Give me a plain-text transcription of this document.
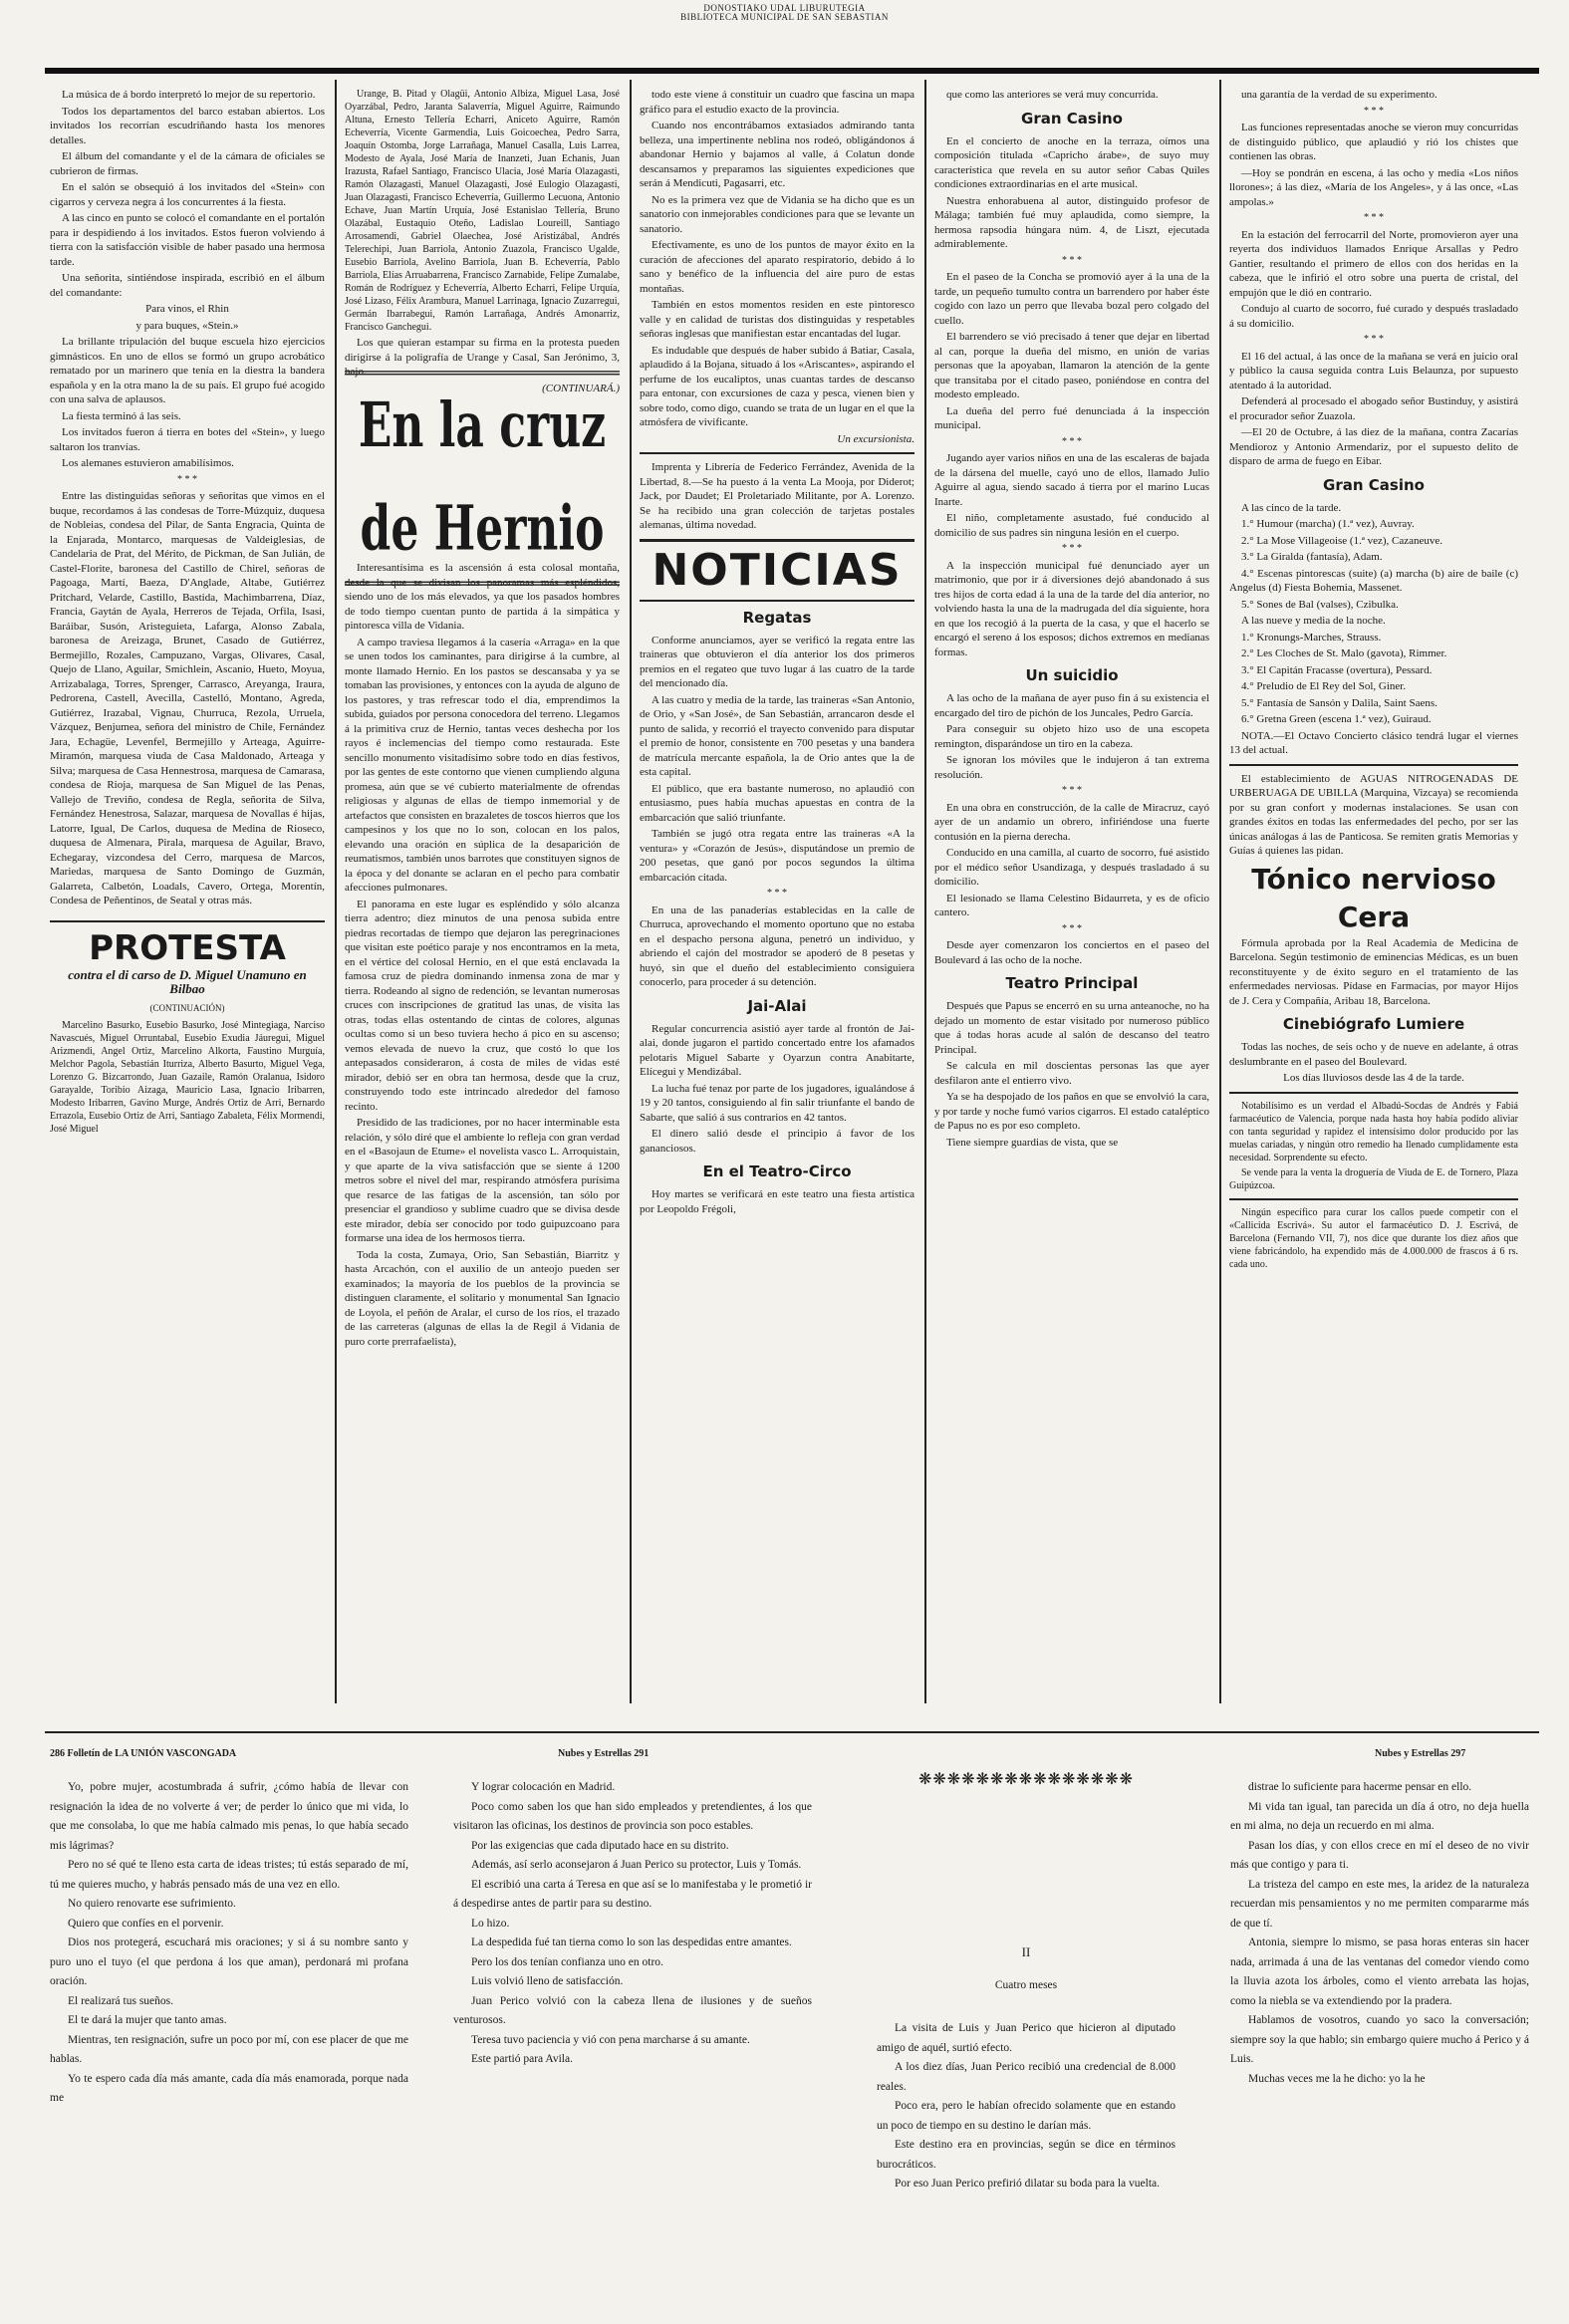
DONOSTIAKO UDAL LIBURUTEGIA
BIBLIOTECA MUNICIPAL DE SAN SEBASTIAN

La música de á bordo interpretó lo mejor de su repertorio.

Todos los departamentos del barco estaban abiertos. Los invitados los recorrían escudriñando hasta los menores detalles.

El álbum del comandante y el de la cámara de oficiales se cubrieron de firmas.

En el salón se obsequió á los invitados del «Stein» con cigarros y cerveza negra á los concurrentes á la fiesta.

A las cinco en punto se colocó el comandante en el portalón para ir despidiendo á los invitados. Estos fueron volviendo á tierra con la satisfacción visible de haber pasado una hermosa tarde.

Una señorita, sintiéndose inspirada, escribió en el álbum del comandante:

Para vinos, el Rhin

y para buques, «Stein.»

La brillante tripulación del buque escuela hizo ejercicios gimnásticos. En uno de ellos se formó un grupo acrobático rematado por un marinero que tenía en la diestra la bandera española y en la otra mano la de su país. El grupo fué acogido con una salva de aplausos.

La fiesta terminó á las seis.

Los invitados fueron á tierra en botes del «Stein», y luego saltaron los tranvías.

Los alemanes estuvieron amabilísimos.

* * *

Entre las distinguidas señoras y señoritas que vimos en el buque, recordamos á las condesas de Torre-Múzquiz, duquesa de Nobleias, condesa del Pilar, de Santa Engracia, Quinta de la Enjarada, Montarco, marquesas de Valdeiglesias, de Candelaria de Prat, del Mérito, de Pickman, de San Julián, de Castel-Florite, baronesa del Castillo de Chirel, señoras de Pagoaga, Martí, Baeza, D'Anglade, Altabe, Gutiérrez Pritchard, Velarde, Castillo, Bastida, Machimbarrena, Díaz, Francia, Gaytán de Ayala, Herreros de Tejada, Orfila, Isasi, Baráibar, Susón, Aristeguieta, Lafarga, Alonso Zabala, baronesa de Areizaga, Brunet, Casado de Gutiérrez, Bermejillo, Rozales, Campuzano, Vargas, Olivares, Casal, Quejo de Llano, Aguilar, Smichlein, Ascanio, Hueto, Moyua, Arrizabalaga, Torres, Sprenger, Carrasco, Areyanga, Iraura, Pedrorena, Castell, Avecilla, Castelló, Montano, Agreda, Gutiérrez, Irazabal, Vignau, Churruca, Rezola, Urruela, Vázquez, Benjumea, señora del ministro de Chile, Fernández Jara, Echagüe, Levenfel, Bermejillo y Arteaga, Aguirre-Miramón, marquesa viuda de Casa Maldonado, Arteaga y Silva; marquesa de Casa Hennestrosa, marquesa de Camarasa, condesa de Rioja, marquesa de San Miguel de las Penas, Vallejo de Treviño, condesa de Regla, señorita de Silva, Fernández Henestrosa, Salazar, marquesa de Novallas é hijas, Latorre, Igual, De Carlos, duquesa de Medina de Rioseco, duquesa de Almenara, Pirala, marquesa de Aguilar, Bravo, Echegaray, vizcondesa del Cerro, marquesa de Marcos, Mariedas, marquesa de Santo Domingo de Guzmán, Galarreta, Calbetón, Loadals, Cavero, Ortega, Morentín, Condesa de Peñentinos, de Seatal y otras más.

PROTESTA
contra el di carso de D. Miguel Unamuno en Bilbao
(CONTINUACIÓN)

Marcelino Basurko, Eusebio Basurko, José Mintegiaga, Narciso Navascués, Miguel Orruntabal, Eusebio Exudia Jáuregui, Miguel Arizmendi, Angel Ortiz, Marcelino Alkorta, Faustino Murguía, Melchor Pagola, Sebastián Iturriza, Alberto Basurto, Miguel Vega, Lorenzo G. Bizcarrondo, Juan Gazaile, Ramón Oralanua, Isidoro Garayalde, Toribio Aizaga, Mauricio Lasa, Ignacio Iribarren, Modesto Iribarren, Gavino Murge, Andrés Ortiz de Arri, Bernardo Errazola, Eusebio Ortiz de Arri, Santiago Zabaleta, Félix Mormendi, José Miguel

Urange, B. Pitad y Olagüi, Antonio Albiza, Miguel Lasa, José Oyarzábal, Pedro, Jaranta Salaverría, Miguel Aguirre, Raimundo Altuna, Ernesto Tellería Echarri, Aniceto Aguirre, Ramón Echeverría, Vicente Garmendia, Luis Goicoechea, Pedro Sarra, Joaquín Ostomba, Jorge Larrañaga, Manuel Casalla, Luis Larrea, Modesto de Ayala, José María de Inanzeti, Juan Echanis, Juan Irazusta, Rafael Santiago, Francisco Ulacia, José María Olazagasti, Ramón Olazagasti, Manuel Olazagasti, José Eulogio Olazagasti, Juan Olazagasti, Francisco Echeverría, Guillermo Lecuona, Antonio Echave, Juan Martín Urquía, José Estanislao Tellería, Bruno Olazábal, Eustaquio Oteño, Ladislao Loureill, Santiago Arrosamendi, Gabriel Olaechea, José Aristizábal, Andrés Telerechipi, Juan Barriola, Antonio Zuazola, Francisco Ugalde, Eusebio Barriola, Avelino Barriola, Juan B. Echeverría, Pablo Barriola, Elías Arruabarrena, Francisco Zarnabide, Felipe Zumalabe, Román de Rodríguez y Echeverría, Alberto Echarri, Felipe Urquía, José Lizaso, Félix Arambura, Manuel Larrinaga, Ignacio Zuzarregui, Germán Ibarrabegui, Ramón Larrañaga, Andrés Amonarriz, Francisco Ganchegui.

Los que quieran estampar su firma en la protesta pueden dirigirse á la poligrafía de Urange y Casal, San Jerónimo, 3, bajo.

(CONTINUARÁ.)

En la cruz de Hernio

Interesantísima es la ascensión á esta colosal montaña, desde la que se divisan los panoramas más espléndidos, siendo uno de los más elevados, ya que los pasados hombres de todo tiempo cuentan punto de partida á la simpática y pintoresca villa de Vidania.

A campo traviesa llegamos á la casería «Arraga» en la que se unen todos los caminantes, para dirigirse á la cumbre, al monte llamado Hernio. En los pastos se descansaba y ya se tomaban las provisiones, y entonces con la ayuda de alguno de los pastores, y tras refrescar todo el día, emprendimos la subida, guiados por persona conocedora del terreno. Llegamos á la primitiva cruz de Hernio, tantas veces deshecha por los rayos é inclemencias del tiempo como restaurada. Este sencillo monumento visitadísimo sobre todo en días festivos, por las gentes de este contorno que vienen cumpliendo alguna promesa, aún que se vé cubierto materialmente de ofrendas religiosas y algunas de ellas de tiempo inmemorial y de artefactos que consisten en brazaletes de toscos hierros que los campesinos y los que no lo son, colocan en los palos, elevando una oración en súplica de la desaparición de reumatismos, también unos barrotes que constituyen signos de la época y del donante se aclaran en el pecho para combatir afecciones pulmonares.

El panorama en este lugar es espléndido y sólo alcanza tierra adentro; diez minutos de una penosa subida entre piedras recortadas de tiempo que dejaron las peregrinaciones que visitan este poético paraje y nos encontramos en la meta, en el vértice del colosal Hernio, en el que está enclavada la famosa cruz de piedra dominando inmensa zona de mar y tierra. Rodeando al signo de redención, se levantan numerosas cruces con inscripciones de gratitud las unas, de visita las otras, todas ellas ostentando de cintas de colores, algunas ocultas como si un beso tuviera hecho á pico en su ascenso; vemos elevada de nuevo la cruz, que costó lo que los antepasados consideraron, á costa de miles de vidas esté mirador, debió ser en obra tan hermosa, desde que la cruz, construyendo todo este intrincado alrededor del famoso recinto.

Presidido de las tradiciones, por no hacer interminable esta relación, y sólo diré que el ambiente lo refleja con gran verdad en el «Basojaun de Etume» el novelista vasco L. Arroquistain, y que aparte de la viva satisfacción que se siente á 1200 metros sobre el nivel del mar, respirando atmósfera purísima que resarce de las fatigas de la ascensión, tan sólo por presenciar el grandioso y sublime cuadro que se divisa desde este mirador, debía ser conocido por todo guipuzcoano para formarse una idea de los hermosos tierra.

Toda la costa, Zumaya, Orio, San Sebastián, Biarritz y hasta Arcachón, con el auxilio de un anteojo pueden ser examinados; la mayoría de los pueblos de la provincia se distinguen claramente, el solitario y monumental San Ignacio de Loyola, el peñón de Aralar, el curso de los ríos, el trazado de las carreteras (algunas de ellas la de Regil á Vidania de puro corte prerrafaelista),

todo este viene á constituir un cuadro que fascina un mapa gráfico para el estudio exacto de la provincia.

Cuando nos encontrábamos extasiados admirando tanta belleza, una impertinente neblina nos rodeó, obligándonos á abandonar Hernio y bajamos al valle, á Colatun donde descansamos y preparamos las siguientes expediciones que serán á Mendicuti, Pagasarri, etc.

No es la primera vez que de Vidania se ha dicho que es un sanatorio con inmejorables condiciones para que se levante un sanatorio.

Efectivamente, es uno de los puntos de mayor éxito en la curación de afecciones del aparato respiratorio, debido á lo sano y benéfico de la influencia del aire puro de estas montañas.

También en estos momentos residen en este pintoresco valle y en calidad de turistas dos distinguidas y respetables señoras inglesas que manifiestan estar encantadas del lugar.

Es indudable que después de haber subido á Batiar, Casala, aplaudido á la Bojana, situado á los «Ariscantes», aspirando el perfume de los eucaliptos, unas cuantas tardes de descanso para entonar, con excursiones de caza y pesca, vienen bien y sobre todo, como digo, cuando se trata de un lugar en el que la atmósfera de vivificante.

Un excursionista.

Imprenta y Librería de Federico Ferrández, Avenida de la Libertad, 8.—Se ha puesto á la venta La Mooja, por Diderot; Jack, por Daudet; El Proletariado Militante, por A. Lorenzo. Se ha recibido una gran colección de tarjetas postales alemanas, última novedad.

NOTICIAS
Regatas

Conforme anunciamos, ayer se verificó la regata entre las traineras que obtuvieron el día anterior los dos primeros premios en el regateo que tuvo lugar á las cuatro de la tarde del mencionado día.

A las cuatro y media de la tarde, las traineras «San Antonio, de Orio, y «San José», de San Sebastián, arrancaron desde el punto de salida, y recorrió el trayecto convenido para disputar el premio de honor, consistente en 700 pesetas y una bandera de matrícula mercante española, la de Orio antes que la de esta capital.

El público, que era bastante numeroso, no aplaudió con entusiasmo, pues había muchas apuestas en contra de la embarcación que salió triunfante.

También se jugó otra regata entre las traineras «A la ventura» y «Corazón de Jesús», disputándose un premio de 200 pesetas, que ganó por pocos segundos la última embarcación citada.

* * *

En una de las panaderías establecidas en la calle de Churruca, aprovechando el momento oportuno que no estaba en el despacho persona alguna, penetró un individuo, y abriendo el cajón del mostrador se apoderó de 8 pesetas y huyó, sin que el dueño del establecimiento consiguiera conocerlo, para proceder á su detención.

Jai-Alai

Regular concurrencia asistió ayer tarde al frontón de Jai-alai, donde jugaron el partido concertado entre los afamados pelotaris Miguel Sabarte y Oyarzun contra Anabitarte, Elícegui y Mendizábal.

La lucha fué tenaz por parte de los jugadores, igualándose á 19 y 20 tantos, consiguiendo al fin salir triunfante el bando de Sabarte, que salió á sus contrarios en 42 tantos.

El dinero salió desde el principio á favor de los gananciosos.

En el Teatro-Circo

Hoy martes se verificará en este teatro una fiesta artística por Leopoldo Frégoli,

que como las anteriores se verá muy concurrida.

Gran Casino

En el concierto de anoche en la terraza, oímos una composición titulada «Capricho árabe», de suyo muy característica que revela en su autor señor Cabas Quiles condiciones extraordinarias en el arte musical.

Nuestra enhorabuena al autor, distinguido profesor de Málaga; también fué muy aplaudida, como siempre, la hermosa rapsodia húngara núm. 4, de Liszt, ejecutada admirablemente.

* * *

En el paseo de la Concha se promovió ayer á la una de la tarde, un pequeño tumulto contra un barrendero por haber éste cogido con lazo un perro que llevaba bozal pero colgado del cuello.

El barrendero se vió precisado á tener que dejar en libertad al can, porque la dueña del mismo, en unión de varias personas que la apoyaban, llamaron la atención de la gente que transitaba por el citado paseo, poniéndose en contra del modesto empleado.

La dueña del perro fué denunciada á la inspección municipal.

* * *

Jugando ayer varios niños en una de las escaleras de bajada de la dársena del muelle, cayó uno de ellos, llamado Julio Aguirre al agua, siendo sacado á tierra por el marino Lucas Inarte.

El niño, completamente asustado, fué conducido al domicilio de sus padres sin ninguna lesión en el cuerpo.

* * *

A la inspección municipal fué denunciado ayer un matrimonio, que por ir á diversiones dejó abandonado á sus tres hijos de corta edad á la una de la tarde del día anterior, no volviendo hasta la una de la madrugada del día siguiente, hora en que los recogió á la puerta de la casa, y que el hacerlo se encargó el sereno á los esposos; dichos extremos en medianas formas.

Un suicidio

A las ocho de la mañana de ayer puso fin á su existencia el encargado del tiro de pichón de los Juncales, Pedro García.

Para conseguir su objeto hizo uso de una escopeta remington, disparándose un tiro en la cabeza.

Se ignoran los móviles que le indujeron á tan extrema resolución.

* * *

En una obra en construcción, de la calle de Miracruz, cayó ayer de un andamio un obrero, infiriéndose una fuerte contusión en la pierna derecha.

Conducido en una camilla, al cuarto de socorro, fué asistido por el médico señor Usandizaga, y después trasladado á su domicilio.

El lesionado se llama Celestino Bidaurreta, y es de oficio cantero.

* * *

Desde ayer comenzaron los conciertos en el paseo del Boulevard á las ocho de la noche.

Teatro Principal

Después que Papus se encerró en su urna anteanoche, no ha dejado un momento de estar visitado por numeroso público que á todas horas acude al salón de descanso del teatro Principal.

Se calcula en mil doscientas personas las que ayer desfilaron ante el entierro vivo.

Ya se ha despojado de los paños en que se envolvió la cara, y por tarde y noche fumó varios cigarros. El estado cataléptico de Papus no es por eso completo.

Tiene siempre guardias de vista, que se

una garantía de la verdad de su experimento.

* * *

Las funciones representadas anoche se vieron muy concurridas de distinguido público, que aplaudió y rió los chistes que contienen las obras.

—Hoy se pondrán en escena, á las ocho y media «Los niños llorones»; á las diez, «María de los Angeles», y á las once, «Las ampolas.»

* * *

En la estación del ferrocarril del Norte, promovieron ayer una reyerta dos individuos llamados Enrique Arsallas y Pedro Gantier, resultando el primero de ellos con dos heridas en la cabeza, que le infirió el otro sobre una puerta de cristal, del empujón que le dió en contrario.

Condujo al cuarto de socorro, fué curado y después trasladado á su domicilio.

* * *

El 16 del actual, á las once de la mañana se verá en juicio oral y público la causa seguida contra Luis Belaunza, por supuesto atentado á la autoridad.

Defenderá al procesado el abogado señor Bustinduy, y asistirá el procurador señor Zuazola.

—El 20 de Octubre, á las diez de la mañana, contra Zacarías Mendioroz y Antonio Armendariz, por el supuesto delito de disparo de arma de fuego en Eibar.

Gran Casino

A las cinco de la tarde.

1.° Humour (marcha) (1.ª vez), Auvray.

2.° La Mose Villageoise (1.ª vez), Cazaneuve.

3.° La Giralda (fantasía), Adam.

4.° Escenas pintorescas (suite) (a) marcha (b) aire de baile (c) Angelus (d) Fiesta Bohemia, Massenet.

5.° Sones de Bal (valses), Czibulka.

A las nueve y media de la noche.

1.° Kronungs-Marches, Strauss.

2.° Les Cloches de St. Malo (gavota), Rimmer.

3.° El Capitán Fracasse (overtura), Pessard.

4.° Preludio de El Rey del Sol, Giner.

5.° Fantasía de Sansón y Dalila, Saint Saens.

6.° Gretna Green (escena 1.ª vez), Guiraud.

NOTA.—El Octavo Concierto clásico tendrá lugar el viernes 13 del actual.

El establecimiento de AGUAS NITROGENADAS DE URBERUAGA DE UBILLA (Marquina, Vizcaya) se recomienda por su gran confort y modernas instalaciones. Se usan con grandes éxitos en todas las enfermedades del pecho, por ser las únicas análogas á las de Panticosa. Se remiten gratis Memorias y Guías á quienes las pidan.

Tónico nervioso Cera

Fórmula aprobada por la Real Academia de Medicina de Barcelona. Según testimonio de eminencias Médicas, es un buen reconstituyente y de éxito seguro en el tratamiento de las enfermedades nerviosas. Pídase en Farmacias, por mayor Hijos de J. Cera y Compañía, Aribau 18, Barcelona.

Cinebiógrafo Lumiere

Todas las noches, de seis ocho y de nueve en adelante, á otras deslumbrante en el paseo del Boulevard.

Los días lluviosos desde las 4 de la tarde.

Notabilísimo es un verdad el Albadú-Socdas de Andrés y Fabiá farmacéutico de Valencia, porque nada hasta hoy había podido aliviar con tanta seguridad y rapidez el intensísimo dolor producido por las muelas cariadas, y ningún otro remedio ha llenado cumplidamente esta necesidad. Sorprendente su efecto.

Se vende para la venta la droguería de Viuda de E. de Tornero, Plaza Guipúzcoa.

Ningún específico para curar los callos puede competir con el «Callicida Escrivá». Su autor el farmacéutico D. J. Escrivá, de Barcelona (Fernando VII, 7), nos dice que durante los diez años que viene fabricándolo, ha expendido más de 4.000.000 de frascos á 6 rs. cada uno.

286 Folletín de LA UNIÓN VASCONGADA	Nubes y Estrellas 291	Nubes y Estrellas 297

Yo, pobre mujer, acostumbrada á sufrir, ¿cómo había de llevar con resignación la idea de no volverte á ver; de perder lo único que mi vida, lo que me consolaba, lo que me había calmado mis penas, lo que había secado mis lágrimas?

Pero no sé qué te lleno esta carta de ideas tristes; tú estás separado de mí, tú me quieres mucho, y habrás pensado más de una vez en ello.

No quiero renovarte ese sufrimiento.

Quiero que confíes en el porvenir.

Dios nos protegerá, escuchará mis oraciones; y si á su nombre santo y puro uno el tuyo (el que perdona á los que aman), perdonará mi profana oración.

El realizará tus sueños.

El te dará la mujer que tanto amas.

Mientras, ten resignación, sufre un poco por mí, con ese placer de que me hablas.

Yo te espero cada día más amante, cada día más enamorada, porque nada me

Y lograr colocación en Madrid.

Poco como saben los que han sido empleados y pretendientes, á los que visitaron las oficinas, los destinos de provincia son poco estables.

Por las exigencias que cada diputado hace en su distrito.

Además, así serlo aconsejaron á Juan Perico su protector, Luis y Tomás.

El escribió una carta á Teresa en que así se lo manifestaba y le prometió ir á despedirse antes de partir para su destino.

Lo hizo.

La despedida fué tan tierna como lo son las despedidas entre amantes.

Pero los dos tenían confianza uno en otro.

Luis volvió lleno de satisfacción.

Juan Perico volvió con la cabeza llena de ilusiones y de sueños venturosos.

Teresa tuvo paciencia y vió con pena marcharse á su amante.

Este partió para Avila.

❋❋❋❋❋❋❋❋❋❋❋❋❋❋❋

II

Cuatro meses

La visita de Luis y Juan Perico que hicieron al diputado amigo de aquél, surtió efecto.

A los diez días, Juan Perico recibió una credencial de 8.000 reales.

Poco era, pero le habían ofrecido solamente que en estando un poco de tiempo en su destino le darían más.

Este destino era en provincias, según se dice en términos burocráticos.

Por eso Juan Perico prefirió dilatar su boda para la vuelta.

distrae lo suficiente para hacerme pensar en ello.

Mi vida tan igual, tan parecida un día á otro, no deja huella en mi alma, no deja un recuerdo en mi alma.

Pasan los días, y con ellos crece en mí el deseo de no vivir más que contigo y para ti.

La tristeza del campo en este mes, la aridez de la naturaleza recuerdan mis pensamientos y no me permiten compararme más de que tí.

Antonia, siempre lo mismo, se pasa horas enteras sin hacer nada, arrimada á una de las ventanas del comedor viendo como la lluvia azota los árboles, como el viento arrebata las hojas, como la niebla se va extendiendo por la pradera.

Hablamos de vosotros, cuando yo saco la conversación; siempre soy la que hablo; sin embargo quiere mucho á Perico y á Luis.

Muchas veces me la he dicho: yo la he
